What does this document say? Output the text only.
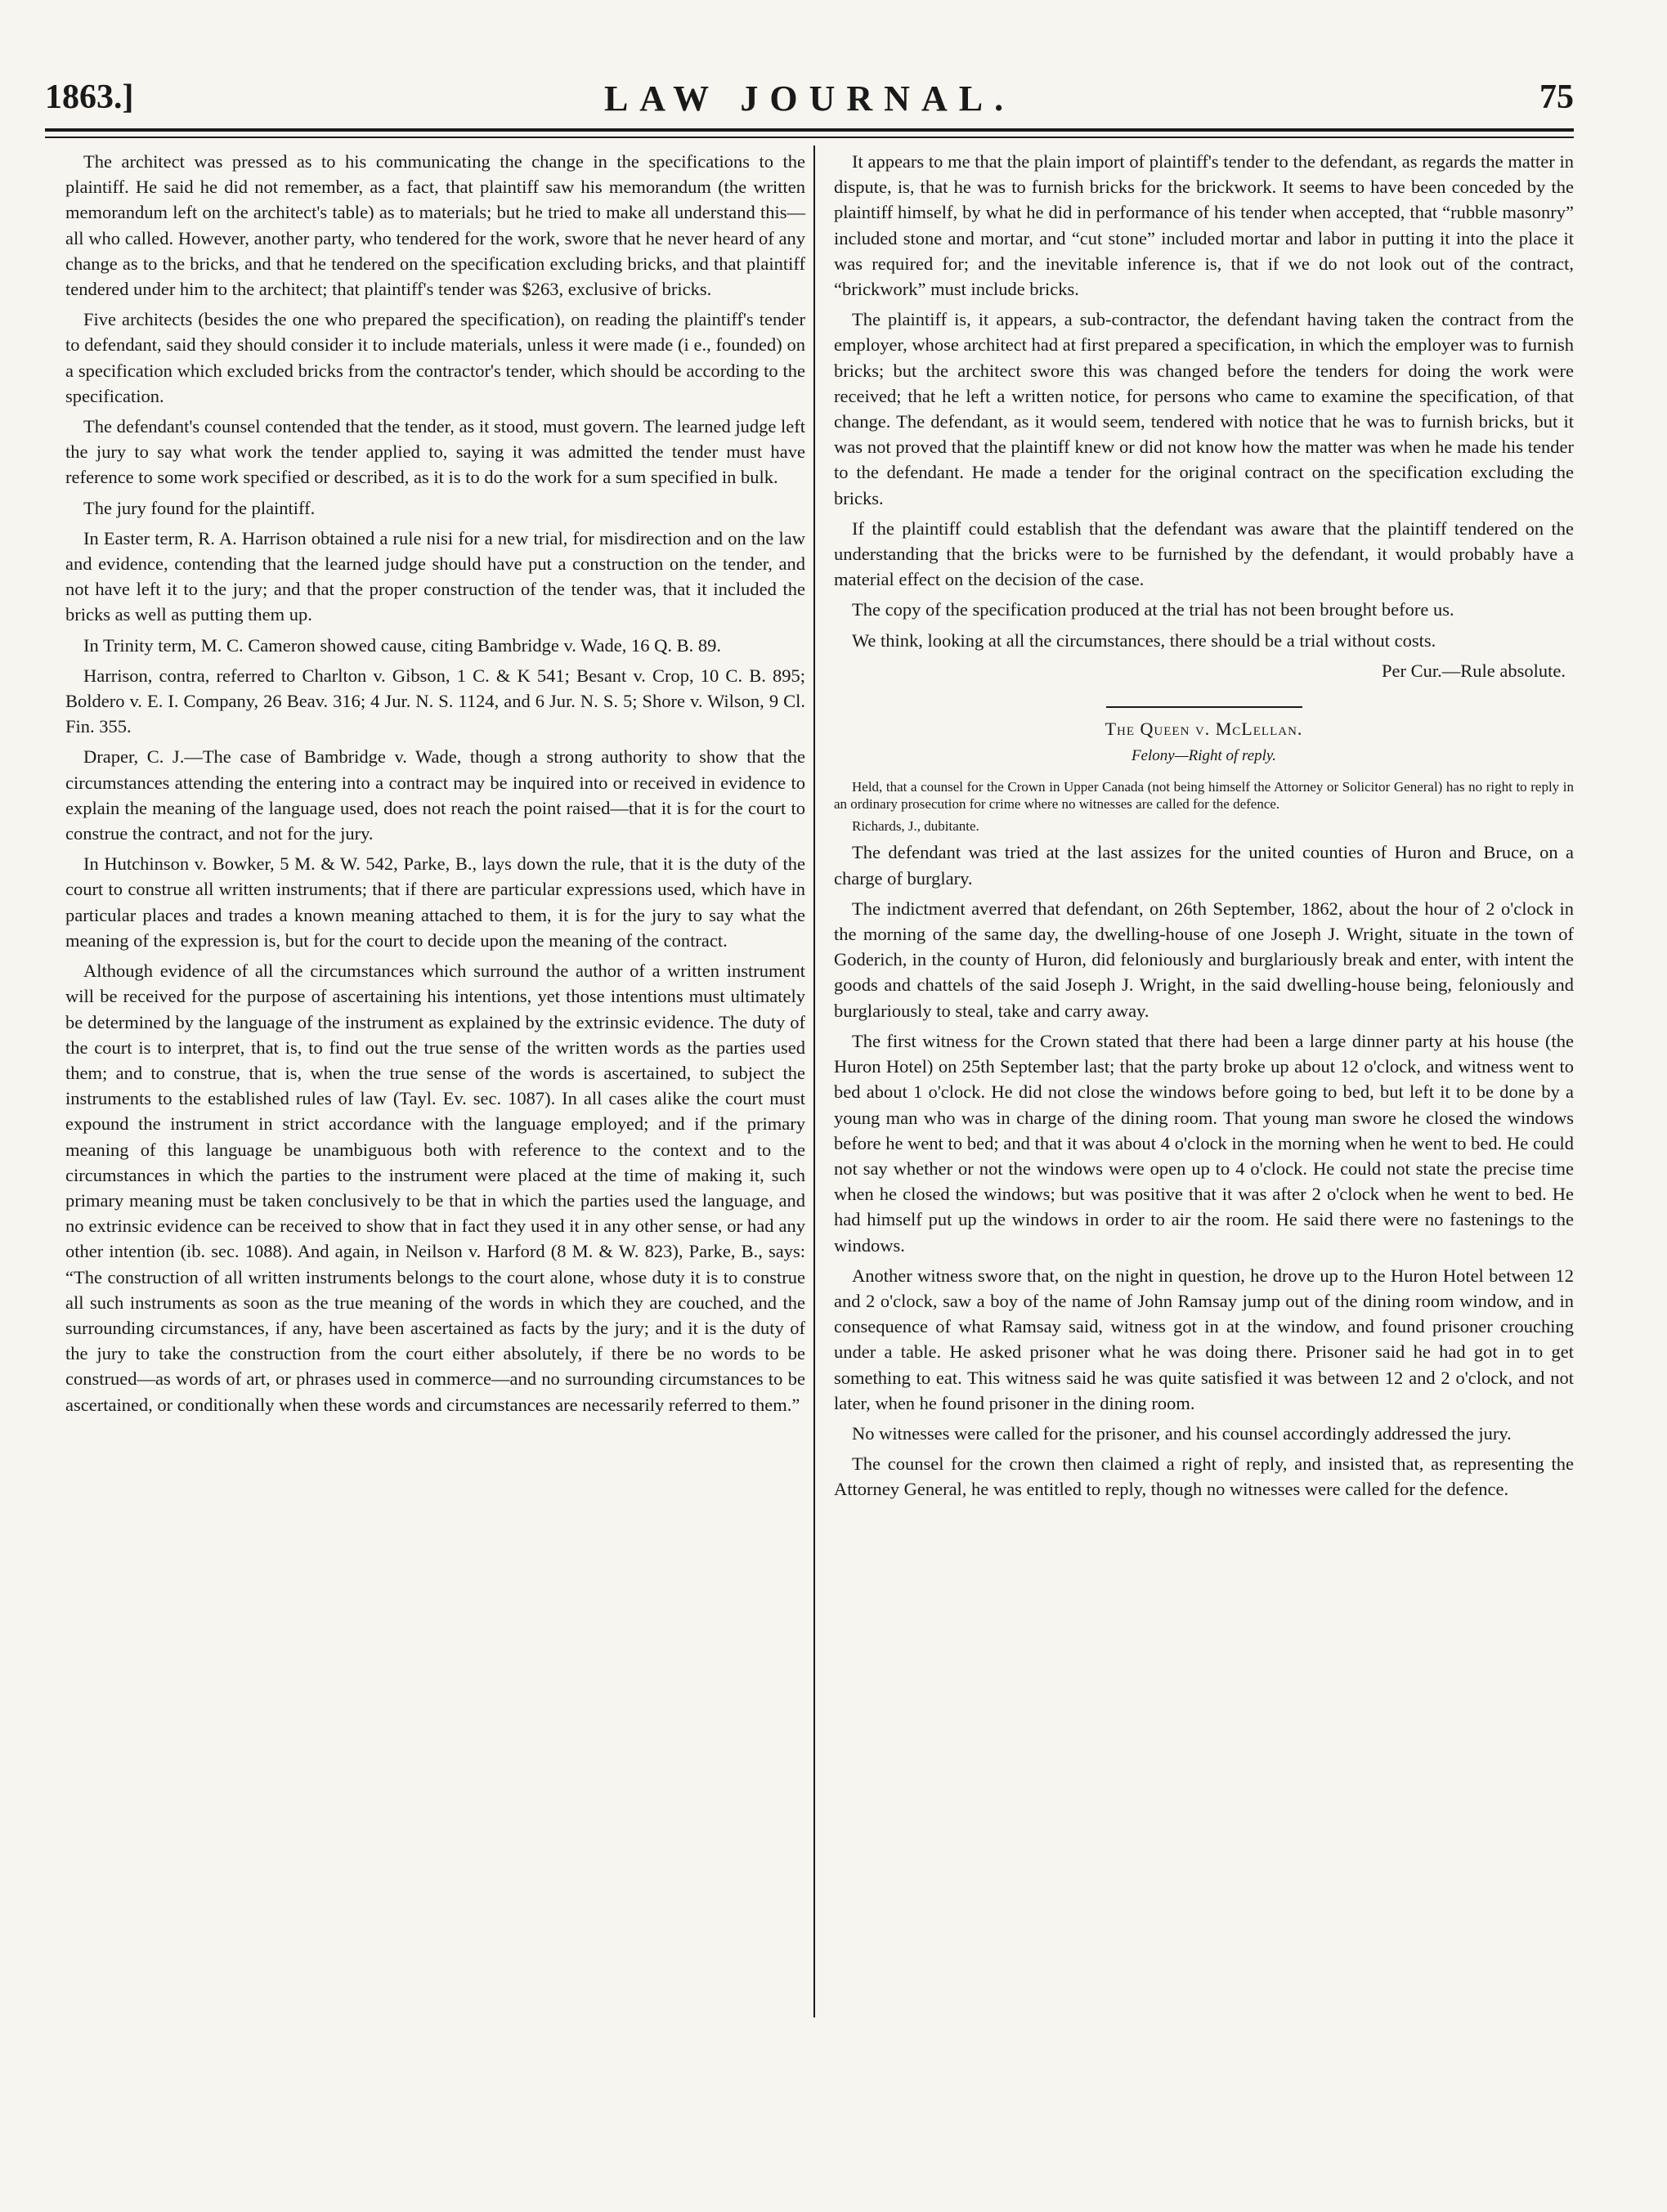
1863.]	LAW JOURNAL.	75

The architect was pressed as to his communicating the change in the specifications to the plaintiff. He said he did not remember, as a fact, that plaintiff saw his memorandum (the written memorandum left on the architect's table) as to materials; but he tried to make all understand this—all who called. However, another party, who tendered for the work, swore that he never heard of any change as to the bricks, and that he tendered on the specification excluding bricks, and that plaintiff tendered under him to the architect; that plaintiff's tender was $263, exclusive of bricks.

Five architects (besides the one who prepared the specification), on reading the plaintiff's tender to defendant, said they should consider it to include materials, unless it were made (i e., founded) on a specification which excluded bricks from the contractor's tender, which should be according to the specification.

The defendant's counsel contended that the tender, as it stood, must govern. The learned judge left the jury to say what work the tender applied to, saying it was admitted the tender must have reference to some work specified or described, as it is to do the work for a sum specified in bulk.

The jury found for the plaintiff.

In Easter term, R. A. Harrison obtained a rule nisi for a new trial, for misdirection and on the law and evidence, contending that the learned judge should have put a construction on the tender, and not have left it to the jury; and that the proper construction of the tender was, that it included the bricks as well as putting them up.

In Trinity term, M. C. Cameron showed cause, citing Bambridge v. Wade, 16 Q. B. 89.

Harrison, contra, referred to Charlton v. Gibson, 1 C. & K 541; Besant v. Crop, 10 C. B. 895; Boldero v. E. I. Company, 26 Beav. 316; 4 Jur. N. S. 1124, and 6 Jur. N. S. 5; Shore v. Wilson, 9 Cl. Fin. 355.

Draper, C. J.—The case of Bambridge v. Wade, though a strong authority to show that the circumstances attending the entering into a contract may be inquired into or received in evidence to explain the meaning of the language used, does not reach the point raised—that it is for the court to construe the contract, and not for the jury.

In Hutchinson v. Bowker, 5 M. & W. 542, Parke, B., lays down the rule, that it is the duty of the court to construe all written instruments; that if there are particular expressions used, which have in particular places and trades a known meaning attached to them, it is for the jury to say what the meaning of the expression is, but for the court to decide upon the meaning of the contract.

Although evidence of all the circumstances which surround the author of a written instrument will be received for the purpose of ascertaining his intentions, yet those intentions must ultimately be determined by the language of the instrument as explained by the extrinsic evidence. The duty of the court is to interpret, that is, to find out the true sense of the written words as the parties used them; and to construe, that is, when the true sense of the words is ascertained, to subject the instruments to the established rules of law (Tayl. Ev. sec. 1087). In all cases alike the court must expound the instrument in strict accordance with the language employed; and if the primary meaning of this language be unambiguous both with reference to the context and to the circumstances in which the parties to the instrument were placed at the time of making it, such primary meaning must be taken conclusively to be that in which the parties used the language, and no extrinsic evidence can be received to show that in fact they used it in any other sense, or had any other intention (ib. sec. 1088). And again, in Neilson v. Harford (8 M. & W. 823), Parke, B., says: “The construction of all written instruments belongs to the court alone, whose duty it is to construe all such instruments as soon as the true meaning of the words in which they are couched, and the surrounding circumstances, if any, have been ascertained as facts by the jury; and it is the duty of the jury to take the construction from the court either absolutely, if there be no words to be construed—as words of art, or phrases used in commerce—and no surrounding circumstances to be ascertained, or conditionally when these words and circumstances are necessarily referred to them.”

It appears to me that the plain import of plaintiff's tender to the defendant, as regards the matter in dispute, is, that he was to furnish bricks for the brickwork. It seems to have been conceded by the plaintiff himself, by what he did in performance of his tender when accepted, that “rubble masonry” included stone and mortar, and “cut stone” included mortar and labor in putting it into the place it was required for; and the inevitable inference is, that if we do not look out of the contract, “brickwork” must include bricks.

The plaintiff is, it appears, a sub-contractor, the defendant having taken the contract from the employer, whose architect had at first prepared a specification, in which the employer was to furnish bricks; but the architect swore this was changed before the tenders for doing the work were received; that he left a written notice, for persons who came to examine the specification, of that change. The defendant, as it would seem, tendered with notice that he was to furnish bricks, but it was not proved that the plaintiff knew or did not know how the matter was when he made his tender to the defendant. He made a tender for the original contract on the specification excluding the bricks.

If the plaintiff could establish that the defendant was aware that the plaintiff tendered on the understanding that the bricks were to be furnished by the defendant, it would probably have a material effect on the decision of the case.

The copy of the specification produced at the trial has not been brought before us.

We think, looking at all the circumstances, there should be a trial without costs.

Per Cur.—Rule absolute.

The Queen v. McLellan.
Felony—Right of reply.

Held, that a counsel for the Crown in Upper Canada (not being himself the Attorney or Solicitor General) has no right to reply in an ordinary prosecution for crime where no witnesses are called for the defence.

Richards, J., dubitante.

The defendant was tried at the last assizes for the united counties of Huron and Bruce, on a charge of burglary.

The indictment averred that defendant, on 26th September, 1862, about the hour of 2 o'clock in the morning of the same day, the dwelling-house of one Joseph J. Wright, situate in the town of Goderich, in the county of Huron, did feloniously and burglariously break and enter, with intent the goods and chattels of the said Joseph J. Wright, in the said dwelling-house being, feloniously and burglariously to steal, take and carry away.

The first witness for the Crown stated that there had been a large dinner party at his house (the Huron Hotel) on 25th September last; that the party broke up about 12 o'clock, and witness went to bed about 1 o'clock. He did not close the windows before going to bed, but left it to be done by a young man who was in charge of the dining room. That young man swore he closed the windows before he went to bed; and that it was about 4 o'clock in the morning when he went to bed. He could not say whether or not the windows were open up to 4 o'clock. He could not state the precise time when he closed the windows; but was positive that it was after 2 o'clock when he went to bed. He had himself put up the windows in order to air the room. He said there were no fastenings to the windows.

Another witness swore that, on the night in question, he drove up to the Huron Hotel between 12 and 2 o'clock, saw a boy of the name of John Ramsay jump out of the dining room window, and in consequence of what Ramsay said, witness got in at the window, and found prisoner crouching under a table. He asked prisoner what he was doing there. Prisoner said he had got in to get something to eat. This witness said he was quite satisfied it was between 12 and 2 o'clock, and not later, when he found prisoner in the dining room.

No witnesses were called for the prisoner, and his counsel accordingly addressed the jury.

The counsel for the crown then claimed a right of reply, and insisted that, as representing the Attorney General, he was entitled to reply, though no witnesses were called for the defence.
